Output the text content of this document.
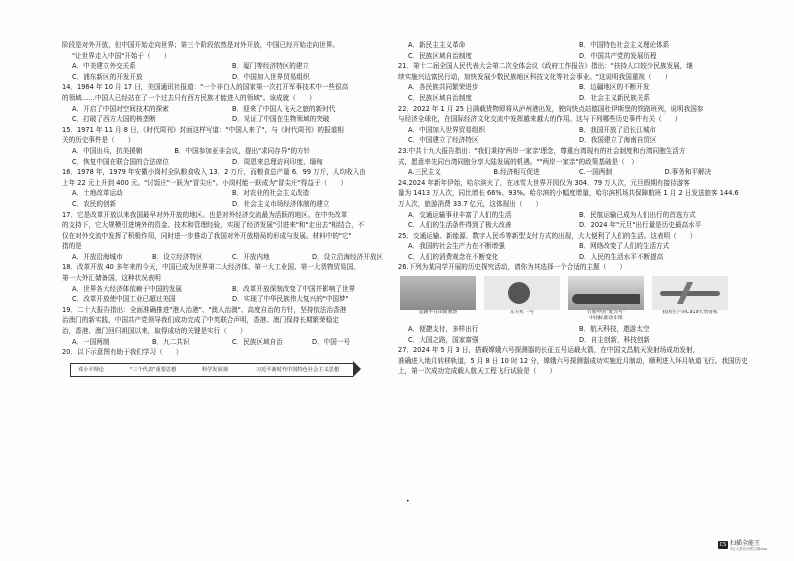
阶段是对外开放，但中国开始走向世界；第三个阶段依然是对外开放，中国已经开始走向世界。
"让世界走入中国"开始于（　　）
A．中美建立外交关系	B．厦门等经济特区的建立
C．浦东新区的开发开放	D．中国加入世界贸易组织
14．1964 年 10 月 17 日，美国通讯社报道："一个非白人的国家第一次打开军事技术中一些很高
的领域……中国人已经站在了一个过去只有西方民族才能进入的领域"。该成就（　　）
A．开启了中国对空间技术的探索	B．迎来了中国人飞天之旅的新时代
C．打破了西方大国的核垄断	D．见证了中国在生物领域的突破
15．1971 年 11 月 8 日，《时代周刊》封面这样写道："中国人来了"，与《时代周刊》的报道相
关的历史事件是（　　）
A．中国出兵，抗美援朝	B．中国参加亚非会议，提出"求同存异"的方针
C．恢复中国在联合国的合法席位	D．周恩来总理访问印度、缅甸
16．1978 年，1979 年安徽小岗村全队粮食收入 13．2 万斤，而粮食总产量 6．99 万斤，人均收入由
上年 22 元上升到 400 元。"讨饭庄"一跃为"冒尖庄"。小岗村能一跃成为"冒尖庄"得益于（　　）
A．土地改革运动	B．对农业的社会主义改造
C．农民的创新	D．社会主义市场经济体制的建立
17．它是改革开放以来我国最早对外开放的地区。也是对外经济交流最为活跃的地区。在中央改革
的支持下，它大规模引进境外的资金、技术和管理经验，实现了经济发展"引进来"和"走出去"相结合，不
仅在对外交流中发挥了积极作用，同时进一步推动了我国对外开放格局的形成与发展。材料中的"它"
指的是
A．开放沿海城市	B．设立经济特区	C．开放内地	D．设立沿海经济开放区
18．改革开放 40 多年来的今天，中国已成为世界第二大经济体、第一大工业国、第一大货物贸易国、
第一大外汇储备国，这种状况表明
A．世界各大经济体依赖于中国的发展	B．改革开放深刻改变了中国并影响了世界
C．改革开放使中国工业已超过美国	D．实现了中华民族伟大复兴的"中国梦"
19．二十大报告指出：全面准确推进"港人治港"、"澳人治澳"、高度自治的方针，坚持依法治香港
治澳门的新实践，中国共产党领导我们成功完成了中英联合声明，香港、澳门保持长期繁荣稳定
治，香港、澳门回归祖国以来，取得成功的关键是实行（　　）
A．一国两制	B．九二共识	C．民族区域自治	D．中国一号
20．以下示意图有助于我们学习（　　）
邓小平理论	"三个代表"重要思想	科学发展观	习近平新时代中国特色社会主义思想
A．新民主主义革命	B．中国特色社会主义理论体系
C．民族区域自治制度	D．中国共产党的发展历程
21．第十二届全国人民代表大会第二次全体会议《政府工作报告》指出："扶持人口较少民族发展，继
续实施兴边富民行动，加快发展少数民族地区科技文化等社会事业。"这说明我国重视（　　）
A．各民族共同繁荣进步	B．边疆地区的不断开发
C．民族区域自治制度	D．社会主义新民族关系
22．2022 年 1 月 25 日满载货物即将从泸州港出发，驶向快点站德国杜伊斯堡的铁路班列，说明我国参
与经济全球化，在国际经济文化交流中发挥越来越大的作用。这与下列哪些历史事件有关（　　）
A．中国加入世界贸易组织	B．我国开放了沿长江城市
C．中国建立了经济特区	D．我国建立了海南自贸区
23.中共十九大报告指出："我们秉持'两岸一家亲'理念，尊重台湾现有的社会制度和台湾同胞生活方
式，愿意率先同台湾同胞分享大陆发展的机遇。""两岸一家亲"的政策基础是（　）
A.三民主义	B.经济相互促进	C.一国两制	D.事务和平解决
24.2024 年新年伊始，哈尔滨火了，在冰雪大世界开园仅为 304．79 万人次，元旦假期有接待游客
量为 1413 万人次，同比增长 66%、93%。哈尔滨的小幅度增量，哈尔滨机场共保障航班 1 月 2 日发送旅客 144.6
万人次，旅游消费 33.7 亿元，这体现出（　　）
A．交通运输事业丰富了人们的生活	B．民航运输已成为人们出行的首选方式
C．人们的生活条件得到了极大改善	D．2024 年"元旦"出行量是历史最高水平
25．交通运输、新能源、数字人民币等新型支付方式的出现，大大便利了人们的生活。这表明（　　）
A．我国的社会生产力在不断增强	B．网络改变了人们的生活方式
C．人们的消费观念在不断变化	D．人民的生活水平不断提高
26.下列为某同学开展的历史探究活动，请你为其选择一个合适的主题（　　）
袁隆平在田间观察	东方红一号	行驶中的"复兴号"
中国标准动车组
我国生产的C919大型客机
A．便捷支付，多样出行	B．航天科技，遨游太空
C．大国之路，国家富强	D．自主创新，科技创新
27．2024 年 5 月 3 日，搭载嫦娥六号探测器的长征五号运载火箭，在中国文昌航天发射场成功发射，
准确进入地月转移轨道，5 月 8 日 10 时 12 分，嫦娥六号探测器成功实施近月制动，顺利进入环月轨道飞行。我国历史
上，第一次成功完成载人航天工程飞行试验是（　　）
•
CS 扫描全能王
3亿人都在用的扫描App
